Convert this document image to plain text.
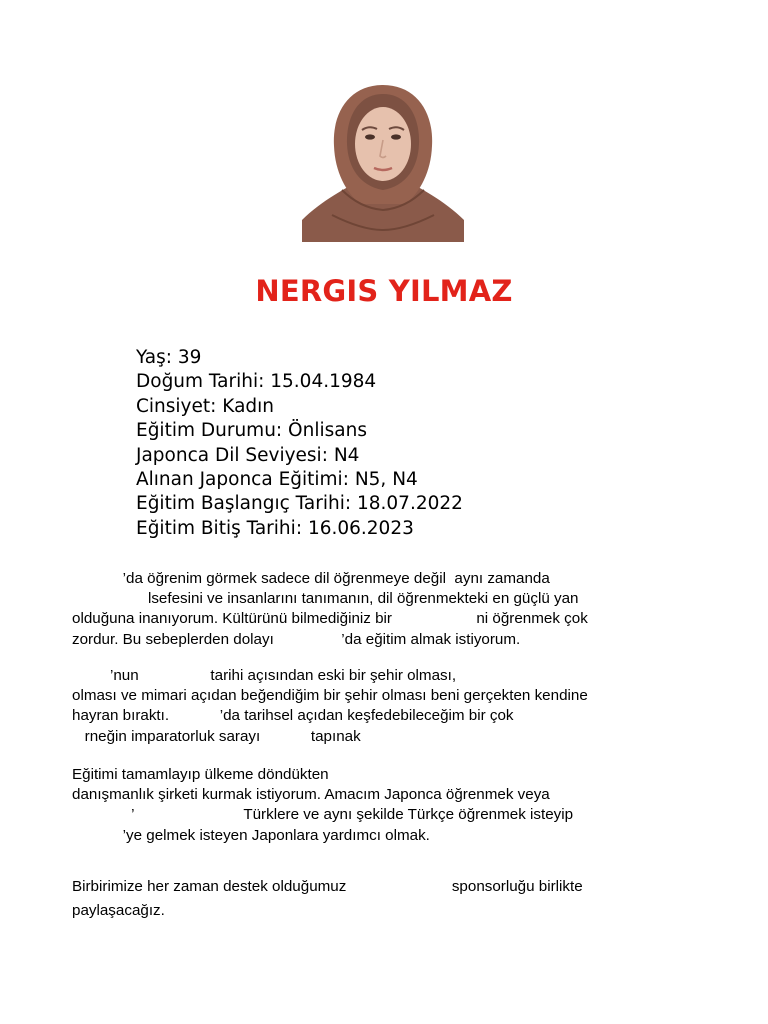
NERGIS YILMAZ
Yaş: 39
Doğum Tarihi: 15.04.1984
Cinsiyet: Kadın
Eğitim Durumu: Önlisans
Japonca Dil Seviyesi: N4
Alınan Japonca Eğitimi: N5, N4
Eğitim Başlangıç Tarihi: 18.07.2022
Eğitim Bitiş Tarihi: 16.06.2023
’da öğrenim görmek sadece dil öğrenmeye değil  aynı zamanda
lsefesini ve insanlarını tanımanın, dil öğrenmekteki en güçlü yan
olduğuna inanıyorum. Kültürünü bilmediğiniz bir                    ni öğrenmek çok
zordur. Bu sebeplerden dolayı                ’da eğitim almak istiyorum.
’nun                 tarihi açısından eski bir şehir olması,
olması ve mimari açıdan beğendiğim bir şehir olması beni gerçekten kendine
hayran bıraktı.            ’da tarihsel açıdan keşfedebileceğim bir çok
rneğin imparatorluk sarayı            tapınak
Eğitimi tamamlayıp ülkeme döndükten
danışmanlık şirketi kurmak istiyorum. Amacım Japonca öğrenmek veya
’                          Türklere ve aynı şekilde Türkçe öğrenmek isteyip
’ye gelmek isteyen Japonlara yardımcı olmak.
Birbirimize her zaman destek olduğumuz                         sponsorluğu birlikte
paylaşacağız.
